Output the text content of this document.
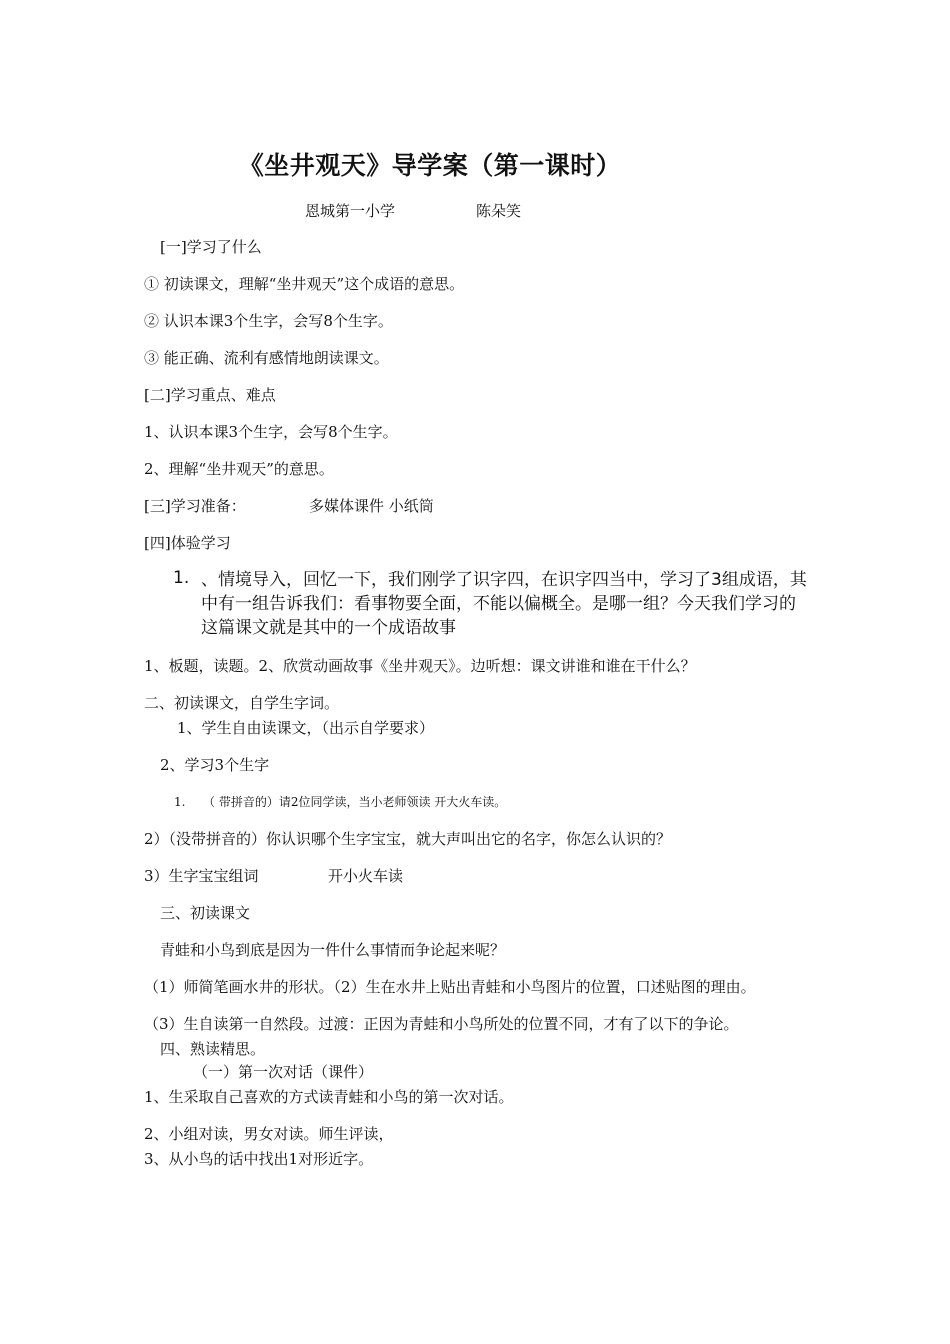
《坐井观天》导学案（第一课时）
恩城第一小学	陈朵笑
[一]学习了什么
① 初读课文，理解“坐井观天”这个成语的意思。
② 认识本课3个生字，会写8个生字。
③ 能正确、流利有感情地朗读课文。
[二]学习重点、难点
1、认识本课3个生字，会写8个生字。
2、理解“坐井观天”的意思。
[三]学习准备：	多媒体课件 小纸筒
[四]体验学习
1. 、情境导入，回忆一下，我们刚学了识字四，在识字四当中，学习了3组成语，其中有一组告诉我们：看事物要全面，不能以偏概全。是哪一组？今天我们学习的这篇课文就是其中的一个成语故事
1、板题，读题。2、欣赏动画故事《坐井观天》。边听想：课文讲谁和谁在干什么？
二、初读课文，自学生字词。
1、学生自由读课文，（出示自学要求）
2、学习3个生字
1. （ 带拼音的）请2位同学读，当小老师领读 开大火车读。
2）（没带拼音的）你认识哪个生字宝宝，就大声叫出它的名字，你怎么认识的？
3）生字宝宝组词	开小火车读
三、初读课文
青蛙和小鸟到底是因为一件什么事情而争论起来呢？
（1）师简笔画水井的形状。（2）生在水井上贴出青蛙和小鸟图片的位置，口述贴图的理由。
（3）生自读第一自然段。过渡：正因为青蛙和小鸟所处的位置不同，才有了以下的争论。
四、熟读精思。
（一）第一次对话（课件）
1、生采取自己喜欢的方式读青蛙和小鸟的第一次对话。
2、小组对读，男女对读。师生评读，
3、从小鸟的话中找出1对形近字。
